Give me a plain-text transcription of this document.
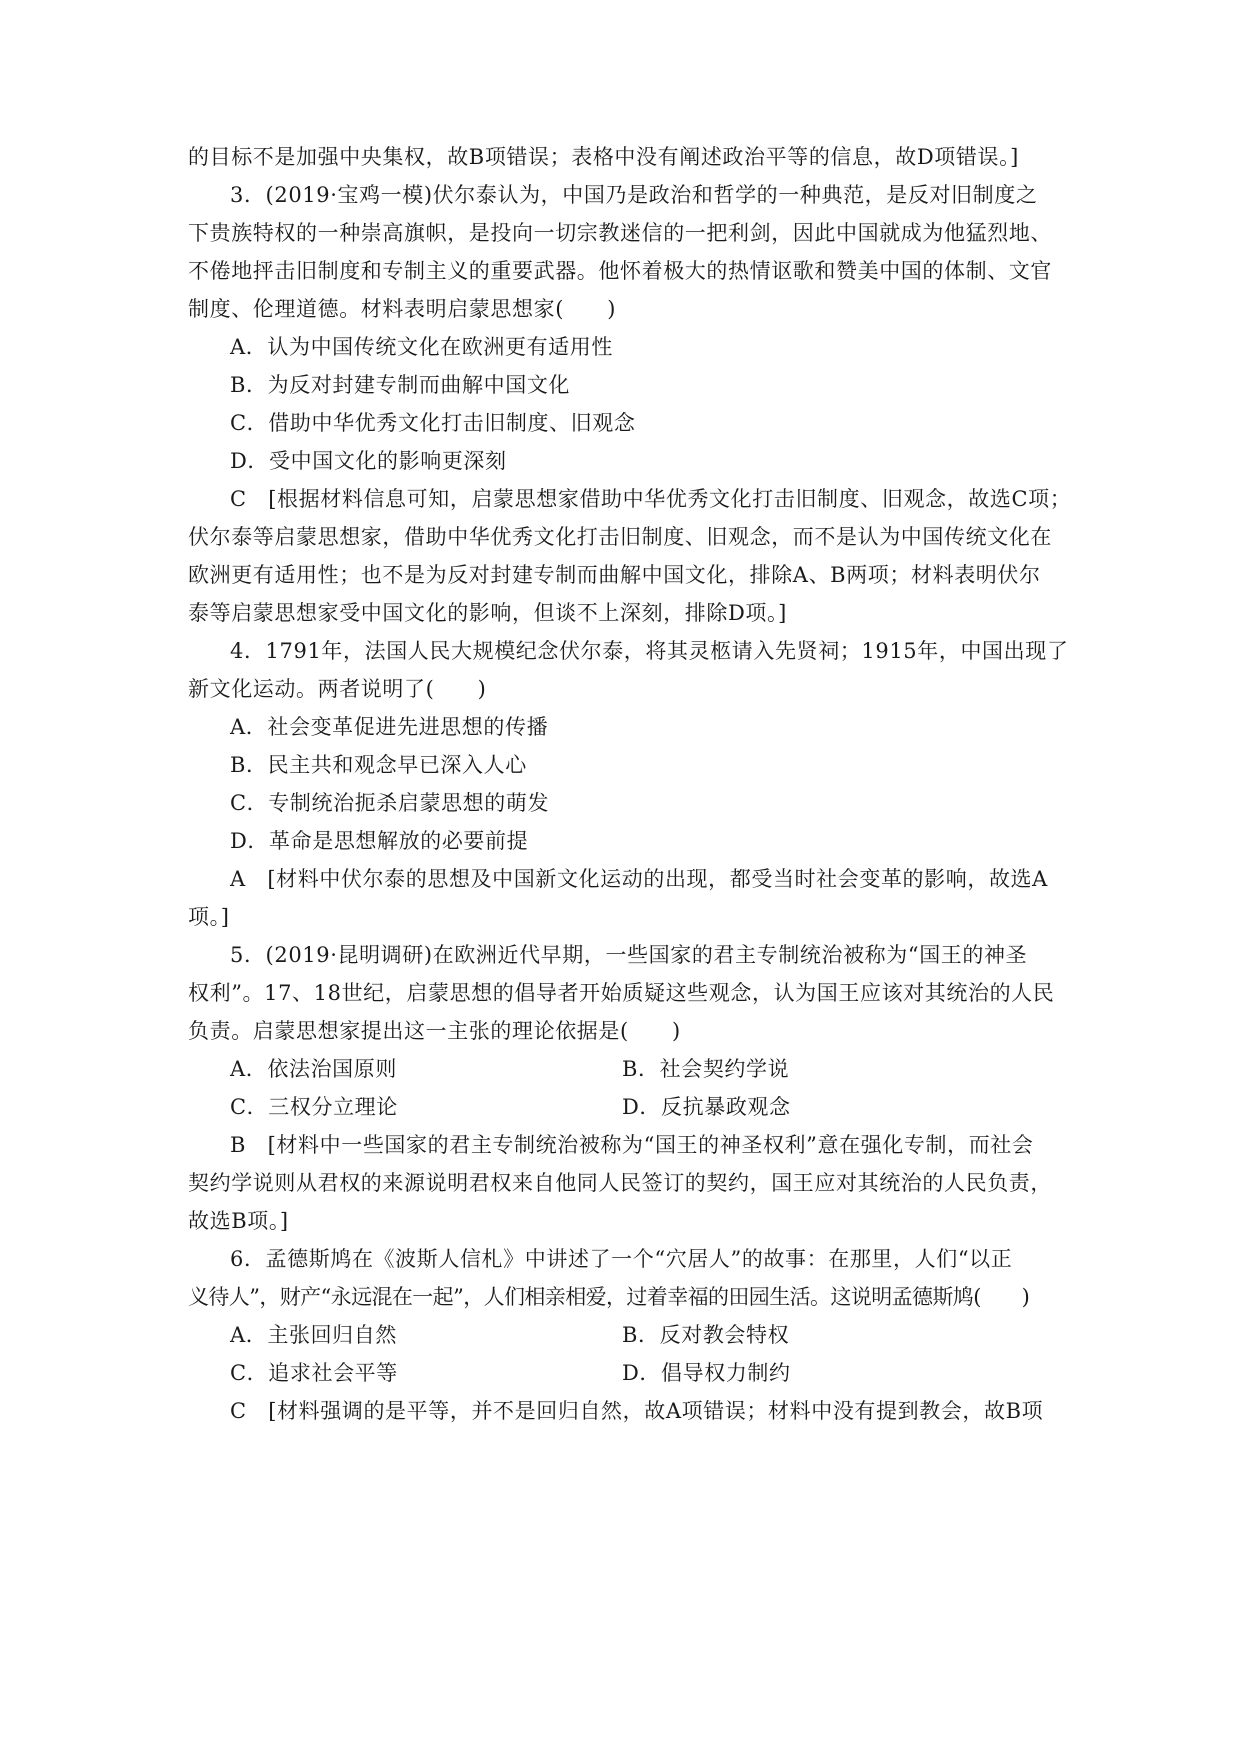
的目标不是加强中央集权，故B项错误；表格中没有阐述政治平等的信息，故D项错误。]
3．(2019·宝鸡一模)伏尔泰认为，中国乃是政治和哲学的一种典范，是反对旧制度之
下贵族特权的一种崇高旗帜，是投向一切宗教迷信的一把利剑，因此中国就成为他猛烈地、
不倦地抨击旧制度和专制主义的重要武器。他怀着极大的热情讴歌和赞美中国的体制、文官
制度、伦理道德。材料表明启蒙思想家(　　)
A．认为中国传统文化在欧洲更有适用性
B．为反对封建专制而曲解中国文化
C．借助中华优秀文化打击旧制度、旧观念
D．受中国文化的影响更深刻
C　[根据材料信息可知，启蒙思想家借助中华优秀文化打击旧制度、旧观念，故选C项；
伏尔泰等启蒙思想家，借助中华优秀文化打击旧制度、旧观念，而不是认为中国传统文化在
欧洲更有适用性；也不是为反对封建专制而曲解中国文化，排除A、B两项；材料表明伏尔
泰等启蒙思想家受中国文化的影响，但谈不上深刻，排除D项。]
4．1791年，法国人民大规模纪念伏尔泰，将其灵柩请入先贤祠；1915年，中国出现了
新文化运动。两者说明了(　　)
A．社会变革促进先进思想的传播
B．民主共和观念早已深入人心
C．专制统治扼杀启蒙思想的萌发
D．革命是思想解放的必要前提
A　[材料中伏尔泰的思想及中国新文化运动的出现，都受当时社会变革的影响，故选A
项。]
5．(2019·昆明调研)在欧洲近代早期，一些国家的君主专制统治被称为“国王的神圣
权利”。17、18世纪，启蒙思想的倡导者开始质疑这些观念，认为国王应该对其统治的人民
负责。启蒙思想家提出这一主张的理论依据是(　　)
A．依法治国原则	B．社会契约学说
C．三权分立理论	D．反抗暴政观念
B　[材料中一些国家的君主专制统治被称为“国王的神圣权利”意在强化专制，而社会
契约学说则从君权的来源说明君权来自他同人民签订的契约，国王应对其统治的人民负责，
故选B项。]
6．孟德斯鸠在《波斯人信札》中讲述了一个“穴居人”的故事：在那里，人们“以正
义待人”，财产“永远混在一起”，人们相亲相爱，过着幸福的田园生活。这说明孟德斯鸠(　　)
A．主张回归自然	B．反对教会特权
C．追求社会平等	D．倡导权力制约
C　[材料强调的是平等，并不是回归自然，故A项错误；材料中没有提到教会，故B项
